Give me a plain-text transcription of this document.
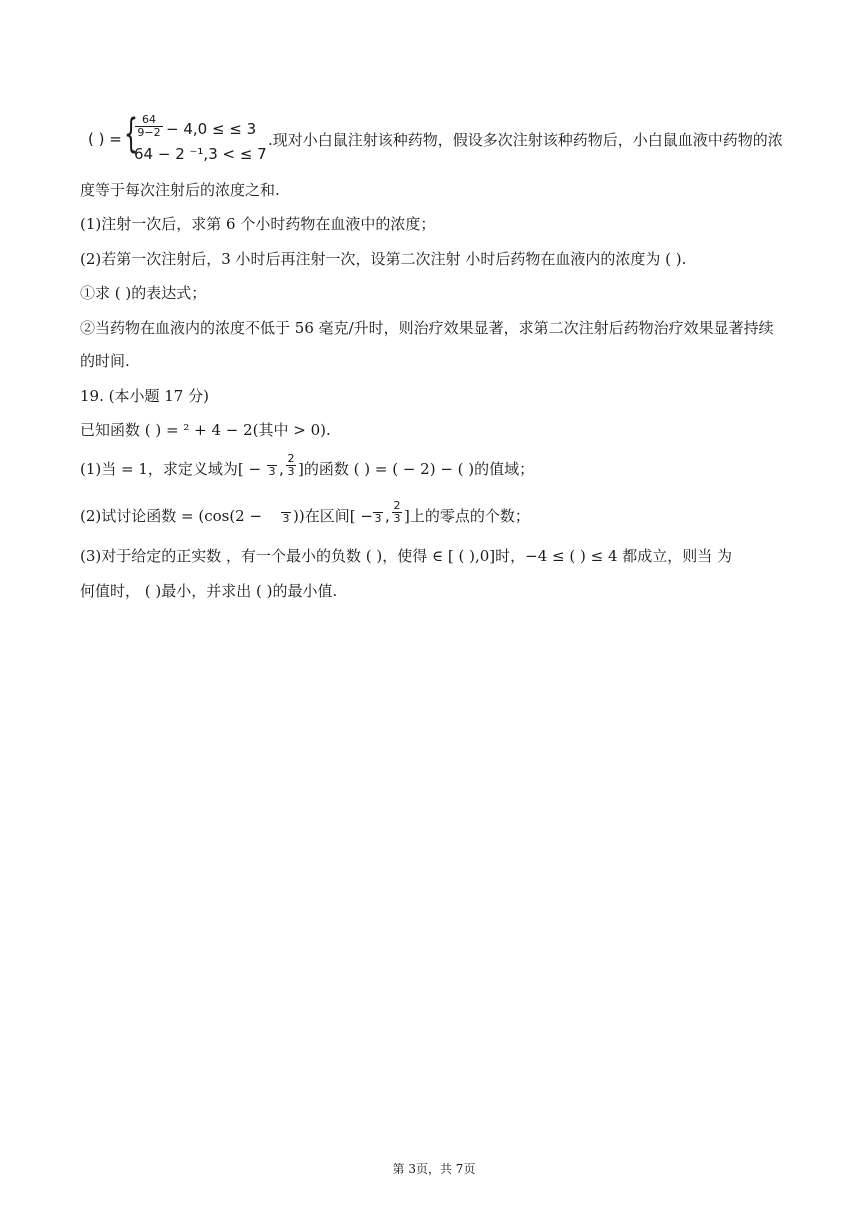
( ) = { 64
9−2 − 4,0 ≤ ≤ 3
64 − 2 ⁻¹,3 < ≤ 7
.现对小白鼠注射该种药物，假设多次注射该种药物后，小白鼠血液中药物的浓
度等于每次注射后的浓度之和.
(1)注射一次后，求第 6 个小时药物在血液中的浓度；
(2)若第一次注射后，3 小时后再注射一次，设第二次注射 小时后药物在血液内的浓度为 ( ).
①求 ( )的表达式；
②当药物在血液内的浓度不低于 56 毫克/升时，则治疗效果显著，求第二次注射后药物治疗效果显著持续
的时间.
19. (本小题 17 分)
已知函数 ( ) = ² + 4 − 2(其中 > 0).
(1)当 = 1，求定义域为[ −
3 ,
2
3 ]的函数 ( ) = ( − 2) − ( )的值域；
(2)试讨论函数 = (cos(2 −
3 ))在区间[ −
3 ,
2
3 ]上的零点的个数；
(3)对于给定的正实数 ，有一个最小的负数 ( )，使得 ∈ [ ( ),0]时，−4 ≤ ( ) ≤ 4 都成立，则当 为
何值时， ( )最小，并求出 ( )的最小值.
第 3页，共 7页
